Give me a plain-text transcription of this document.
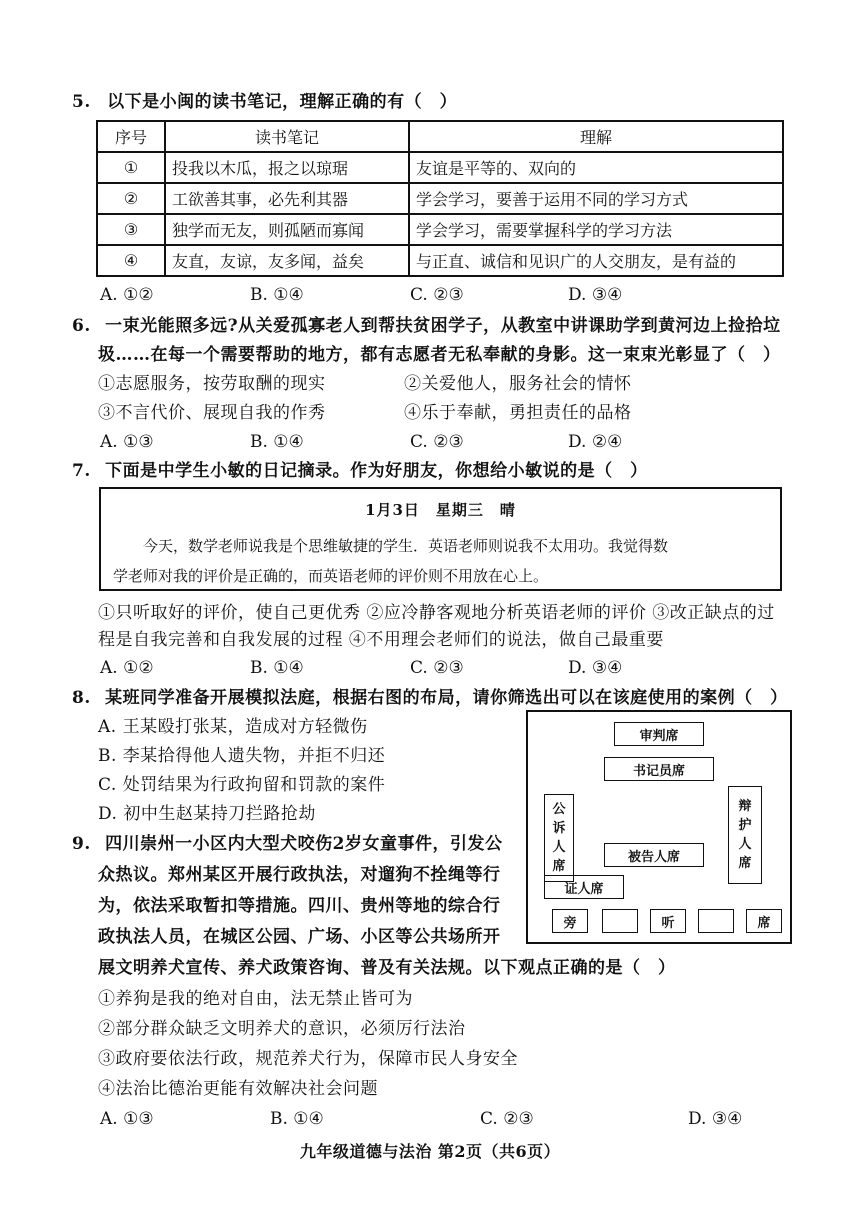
5. 以下是小闽的读书笔记，理解正确的有（　）
序号	读书笔记	理解
①	投我以木瓜，报之以琼琚	友谊是平等的、双向的
②	工欲善其事，必先利其器	学会学习，要善于运用不同的学习方式
③	独学而无友，则孤陋而寡闻	学会学习，需要掌握科学的学习方法
④	友直，友谅，友多闻，益矣	与正直、诚信和见识广的人交朋友，是有益的
A. ①②	B. ①④	C. ②③	D. ③④
6. 一束光能照多远?从关爱孤寡老人到帮扶贫困学子，从教室中讲课助学到黄河边上捡拾垃
圾……在每一个需要帮助的地方，都有志愿者无私奉献的身影。这一束束光彰显了（　）
①志愿服务，按劳取酬的现实	②关爱他人，服务社会的情怀
③不言代价、展现自我的作秀	④乐于奉献，勇担责任的品格
A. ①③	B. ①④	C. ②③	D. ②④
7. 下面是中学生小敏的日记摘录。作为好朋友，你想给小敏说的是（　）
1月3日　星期三　晴
今天，数学老师说我是个思维敏捷的学生．英语老师则说我不太用功。我觉得数
学老师对我的评价是正确的，而英语老师的评价则不用放在心上。
①只听取好的评价，使自己更优秀 ②应冷静客观地分析英语老师的评价 ③改正缺点的过
程是自我完善和自我发展的过程 ④不用理会老师们的说法，做自己最重要
A. ①②	B. ①④	C. ②③	D. ③④
8. 某班同学准备开展模拟法庭，根据右图的布局，请你筛选出可以在该庭使用的案例（　）
A. 王某殴打张某，造成对方轻微伤
B. 李某拾得他人遗失物，并拒不归还
C. 处罚结果为行政拘留和罚款的案件
D. 初中生赵某持刀拦路抢劫
审判席
书记员席
公
诉
人
席
辩
护
人
席
被告人席
证人席
旁	听	席
9. 四川崇州一小区内大型犬咬伤2岁女童事件，引发公
众热议。郑州某区开展行政执法，对遛狗不拴绳等行
为，依法采取暂扣等措施。四川、贵州等地的综合行
政执法人员，在城区公园、广场、小区等公共场所开
展文明养犬宣传、养犬政策咨询、普及有关法规。以下观点正确的是（　）
①养狗是我的绝对自由，法无禁止皆可为
②部分群众缺乏文明养犬的意识，必须厉行法治
③政府要依法行政，规范养犬行为，保障市民人身安全
④法治比德治更能有效解决社会问题
A. ①③	B. ①④	C. ②③	D. ③④
九年级道德与法治 第2页（共6页）
